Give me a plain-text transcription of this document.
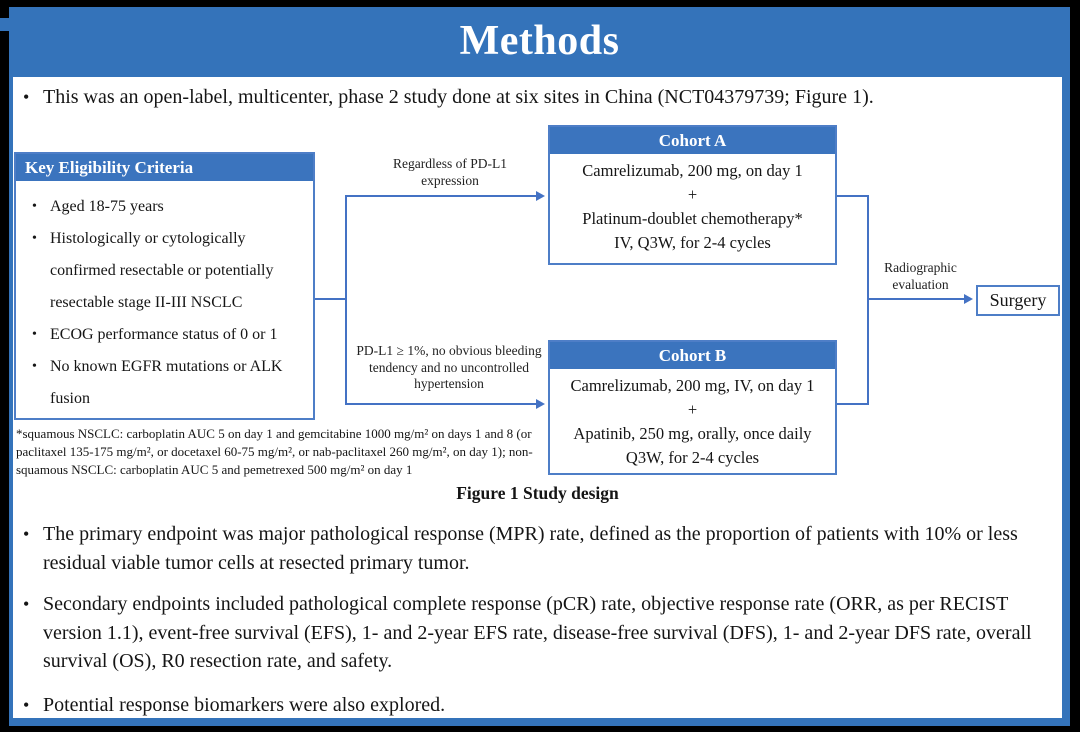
Methods
• This was an open-label, multicenter, phase 2 study done at six sites in China (NCT04379739; Figure 1).
Key Eligibility Criteria
• Aged 18-75 years
• Histologically or cytologically confirmed resectable or potentially resectable stage II-III NSCLC
• ECOG performance status of 0 or 1
• No known EGFR mutations or ALK fusion
Regardless of PD-L1 expression
PD-L1 ≥ 1%, no obvious bleeding tendency and no uncontrolled hypertension
Radiographic evaluation
Cohort A
Camrelizumab, 200 mg, on day 1
+
Platinum-doublet chemotherapy*
IV, Q3W, for 2-4 cycles
Cohort B
Camrelizumab, 200 mg, IV, on day 1
+
Apatinib, 250 mg, orally, once daily
Q3W, for 2-4 cycles
Surgery
*squamous NSCLC: carboplatin AUC 5 on day 1 and gemcitabine 1000 mg/m² on days 1 and 8 (or paclitaxel 135-175 mg/m², or docetaxel 60-75 mg/m², or nab-paclitaxel 260 mg/m², on day 1); non-squamous NSCLC: carboplatin AUC 5 and pemetrexed 500 mg/m² on day 1
Figure 1 Study design
• The primary endpoint was major pathological response (MPR) rate, defined as the proportion of patients with 10% or less residual viable tumor cells at resected primary tumor.
• Secondary endpoints included pathological complete response (pCR) rate, objective response rate (ORR, as per RECIST version 1.1), event-free survival (EFS), 1- and 2-year EFS rate, disease-free survival (DFS), 1- and 2-year DFS rate, overall survival (OS), R0 resection rate, and safety.
• Potential response biomarkers were also explored.
